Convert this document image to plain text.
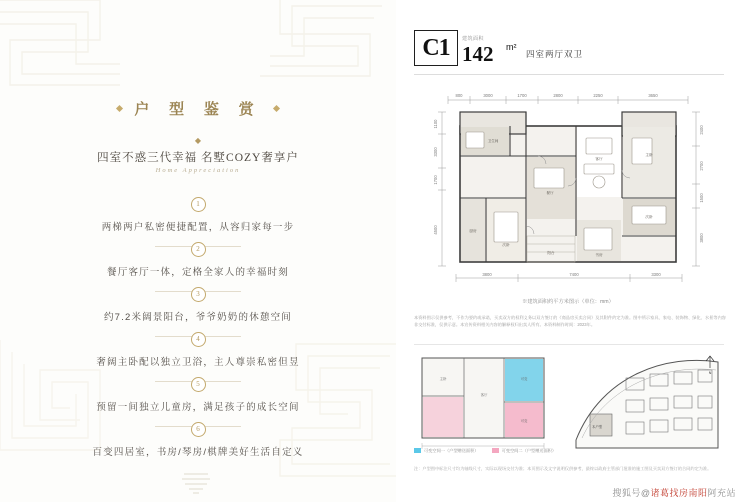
户 型 鉴 赏
◆
四室不惑三代幸福 名墅COZY奢享户
Home Appreciation
1
两梯两户私密便捷配置，从容归家每一步
2
餐厅客厅一体，定格全家人的幸福时刻
3
约7.2米阔景阳台，爷爷奶奶的休憩空间
4
奢阔主卧配以独立卫浴，主人尊崇私密但昱
5
预留一间独立儿童房，满足孩子的成长空间
6
百变四居室，书房/琴房/棋牌美好生活自定义
C1 建筑面积
142 m²
四室两厅双卫
800	3000	1700	2800	2250	3650
1100
3300
1700
4500
2400
2700
1500
3800
3800	7400	3300
客厅
主卧
餐厅
次卧
厨房
次卧
书房
阳台
卫生间
※建筑面积约平方米图示（单位：mm）
本资料图示仅供参考，不作为要约或承诺，买卖双方的权利义务以双方签订的《商品房买卖合同》及其附件约定为准。图中所示家具、家电、装饰物、绿化、水景等内容非交付标准，仅供示意。本宣传资料相关内容的解释权归出卖人所有。本资料制作时间：2023年。
主卧
客厅
可变
可变
本户型
N
可变空间一（户型赠送面积）	可变空间二（户型赠送面积）
注：户型图中标注尺寸均为轴线尺寸，实际以现场交付为准；本页图示及文字说明仅供参考，最终以政府主管部门批准的施工图及买卖双方签订的合同约定为准。
搜狐号@诸葛找房南阳阿充站
